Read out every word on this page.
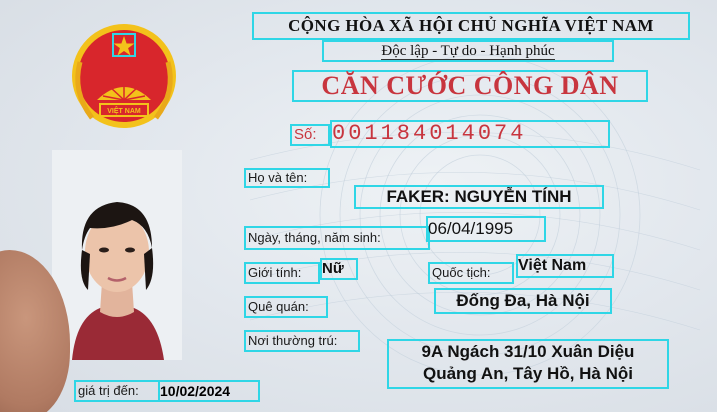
VIỆT NAM
CỘNG HÒA XÃ HỘI CHỦ NGHĨA VIỆT NAM
Độc lập - Tự do - Hạnh phúc
CĂN CƯỚC CÔNG DÂN
Số: 001184014074
Họ và tên:
FAKER: NGUYỄN TÍNH
Ngày, tháng, năm sinh:	06/04/1995
Giới tính:	Nữ	Quốc tịch:	Việt Nam
Quê quán:	Đống Đa, Hà Nội
Nơi thường trú:
9A Ngách 31/10 Xuân Diệu
Quảng An, Tây Hồ, Hà Nội
giá trị đến:	10/02/2024
